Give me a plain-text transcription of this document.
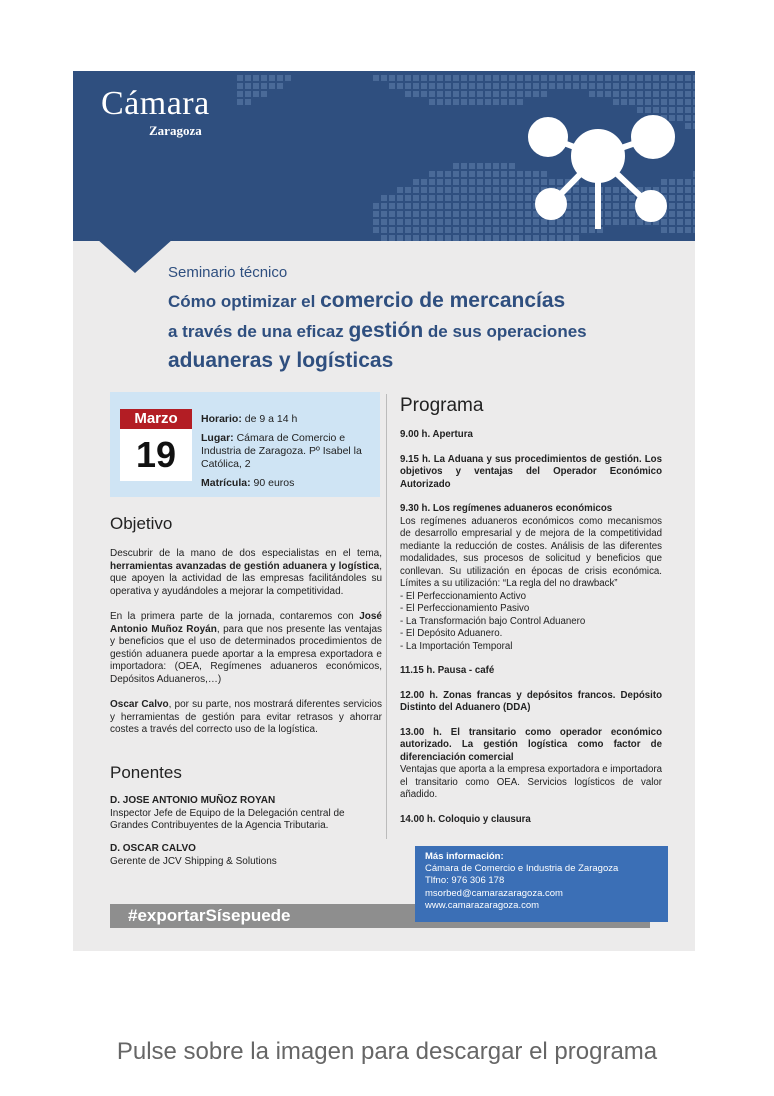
Cámara
Zaragoza
Seminario técnico
Cómo optimizar el comercio de mercancías
a través de una eficaz gestión de sus operaciones
aduaneras y logísticas
Marzo
19
Horario: de 9 a 14 h
Lugar: Cámara de Comercio e Industria de Zaragoza. Pº Isabel la Católica, 2
Matrícula: 90 euros
Objetivo
Descubrir de la mano de dos especialistas en el tema, herramientas avanzadas de gestión aduanera y logística, que apoyen la actividad de las empresas facilitándoles su operativa y ayudándoles a mejorar la competitividad.
En la primera parte de la jornada, contaremos con José Antonio Muñoz Royán, para que nos presente las ventajas y beneficios que el uso de determinados procedimientos de gestión aduanera puede aportar a la empresa exportadora e importadora: (OEA, Regímenes aduaneros económicos, Depósitos Aduaneros,…)
Oscar Calvo, por su parte, nos mostrará diferentes servicios y herramientas de gestión para evitar retrasos y ahorrar costes a través del correcto uso de la logística.
Ponentes
D. JOSE ANTONIO MUÑOZ ROYAN
Inspector Jefe de Equipo de la Delegación central de Grandes Contribuyentes de la Agencia Tributaria.
D. OSCAR CALVO
Gerente de JCV Shipping & Solutions
Programa
9.00 h. Apertura
9.15 h. La Aduana y sus procedimientos de gestión. Los objetivos y ventajas del Operador Económico Autorizado
9.30 h. Los regímenes aduaneros económicos
Los regímenes aduaneros económicos como mecanismos de desarrollo empresarial y de mejora de la competitividad mediante la reducción de costes. Análisis de las diferentes modalidades, sus procesos de solicitud y beneficios que conllevan. Su utilización en épocas de crisis económica. Límites a su utilización: “La regla del no drawback”
- El Perfeccionamiento Activo
- El Perfeccionamiento Pasivo
- La Transformación bajo Control Aduanero
- El Depósito Aduanero.
- La Importación Temporal
11.15 h. Pausa - café
12.00 h. Zonas francas y depósitos francos. Depósito Distinto del Aduanero (DDA)
13.00 h. El transitario como operador económico autorizado. La gestión logística como factor de diferenciación comercial
Ventajas que aporta a la empresa exportadora e importadora el transitario como OEA. Servicios logísticos de valor añadido.
14.00 h. Coloquio y clausura
#exportarSísepuede
Más información:
Cámara de Comercio e Industria de Zaragoza
Tlfno: 976 306 178
msorbed@camarazaragoza.com
www.camarazaragoza.com
Pulse sobre la imagen para descargar el programa
